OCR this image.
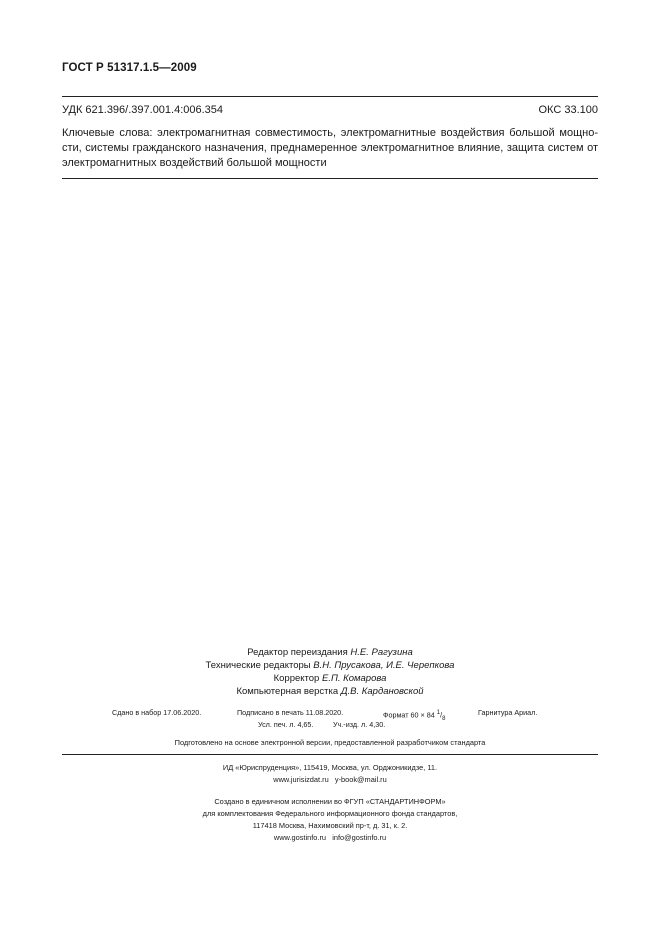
ГОСТ Р 51317.1.5—2009
УДК 621.396/.397.001.4:006.354	ОКС 33.100
Ключевые слова: электромагнитная совместимость, электромагнитные воздействия большой мощно-сти, системы гражданского назначения, преднамеренное электромагнитное влияние, защита систем от электромагнитных воздействий большой мощности
Редактор переиздания Н.Е. Рагузина
Технические редакторы В.Н. Прусакова, И.Е. Черепкова
Корректор Е.П. Комарова
Компьютерная верстка Д.В. Кардановской
Сдано в набор 17.06.2020.	Подписано в печать 11.08.2020.	Формат 60 × 84 $^1/_8$
Гарнитура Ариал.
Усл. печ. л. 4,65.	Уч.-изд. л. 4,30.
Подготовлено на основе электронной версии, предоставленной разработчиком стандарта
ИД «Юриспруденция», 115419, Москва, ул. Орджоникидзе, 11.
www.jurisizdat.ru y-book@mail.ru
Создано в единичном исполнении во ФГУП «СТАНДАРТИНФОРМ»
для комплектования Федерального информационного фонда стандартов,
117418 Москва, Нахимовский пр-т, д. 31, к. 2.
www.gostinfo.ru info@gostinfo.ru
